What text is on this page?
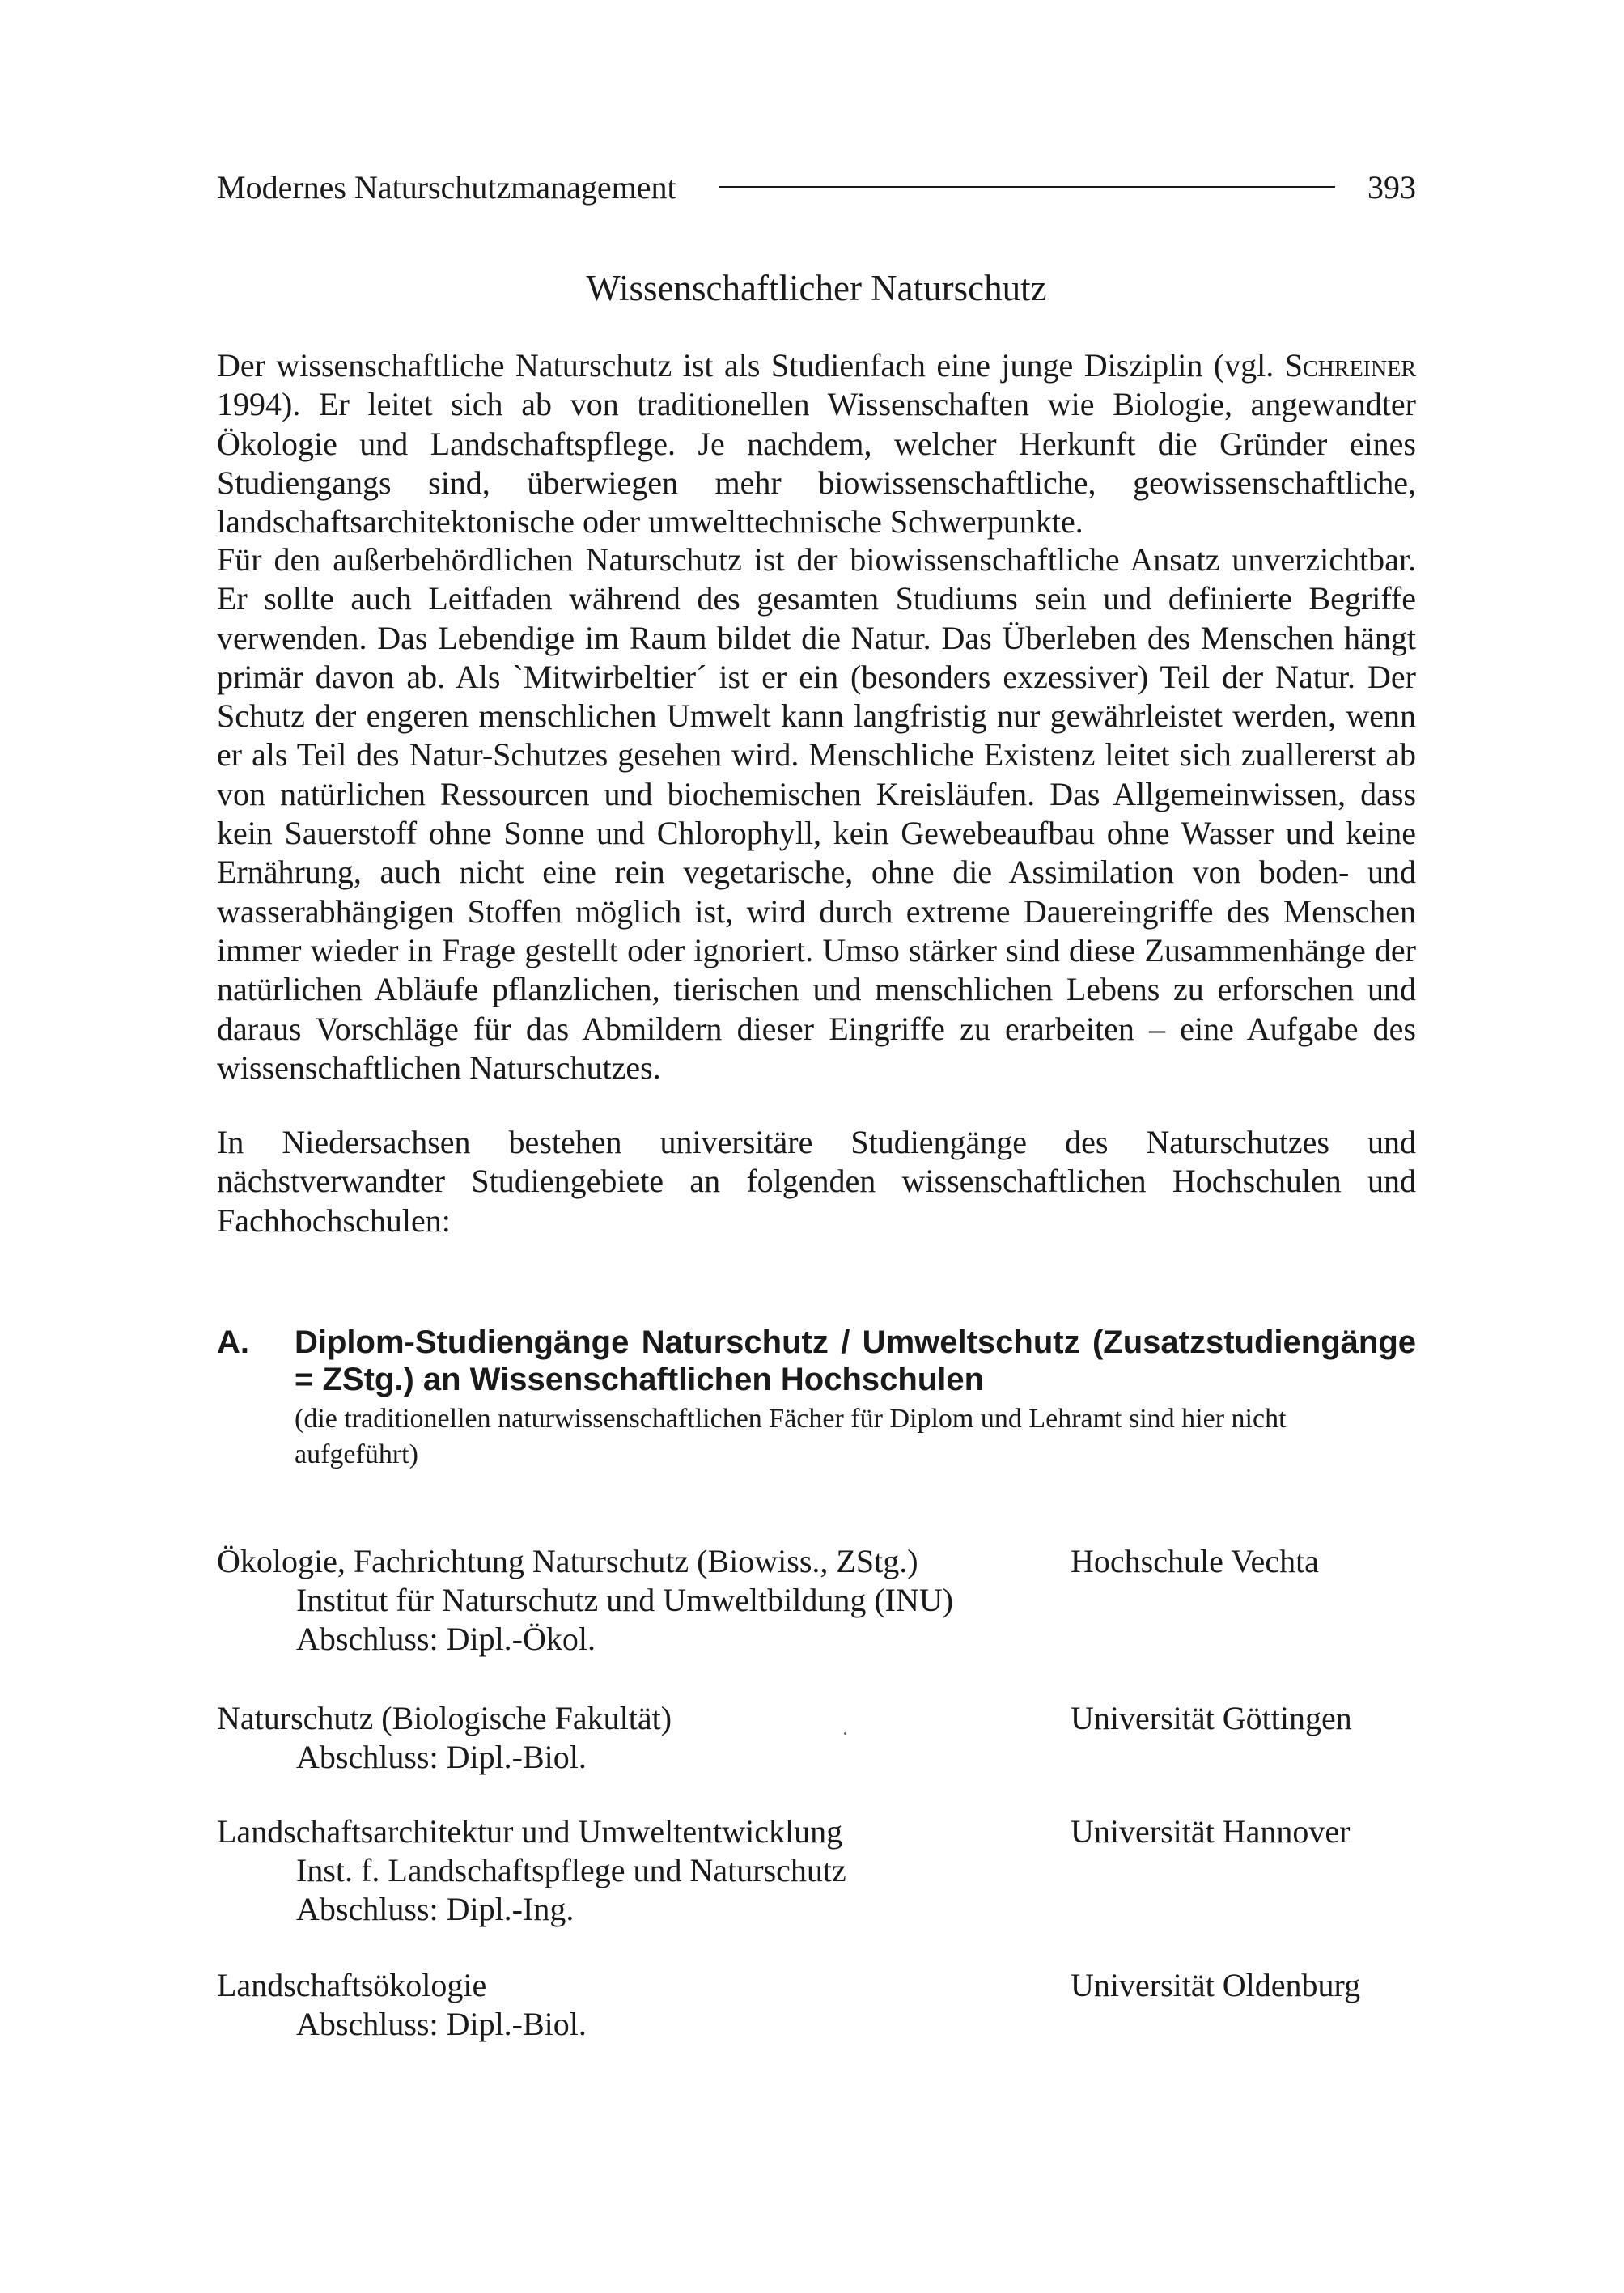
Modernes Naturschutzmanagement	393
Wissenschaftlicher Naturschutz

Der wissenschaftliche Naturschutz ist als Studienfach eine junge Disziplin (vgl. Schreiner 1994). Er leitet sich ab von traditionellen Wissenschaften wie Biologie, angewandter Ökologie und Landschaftspflege. Je nachdem, welcher Herkunft die Gründer eines Studiengangs sind, überwiegen mehr biowissenschaftliche, geowissenschaftliche, landschaftsarchitektonische oder umwelttechnische Schwerpunkte.

Für den außerbehördlichen Naturschutz ist der biowissenschaftliche Ansatz unverzichtbar. Er sollte auch Leitfaden während des gesamten Studiums sein und definierte Begriffe verwenden. Das Lebendige im Raum bildet die Natur. Das Überleben des Menschen hängt primär davon ab. Als `Mitwirbeltier´ ist er ein (besonders exzessiver) Teil der Natur. Der Schutz der engeren menschlichen Umwelt kann langfristig nur gewährleistet werden, wenn er als Teil des Natur-Schutzes gesehen wird. Menschliche Existenz leitet sich zuallererst ab von natürlichen Ressourcen und biochemischen Kreisläufen. Das Allgemeinwissen, dass kein Sauerstoff ohne Sonne und Chlorophyll, kein Gewebeaufbau ohne Wasser und keine Ernährung, auch nicht eine rein vegetarische, ohne die Assimilation von boden- und wasserabhängigen Stoffen möglich ist, wird durch extreme Dauereingriffe des Menschen immer wieder in Frage gestellt oder ignoriert. Umso stärker sind diese Zusammenhänge der natürlichen Abläufe pflanzlichen, tierischen und menschlichen Lebens zu erforschen und daraus Vorschläge für das Abmildern dieser Eingriffe zu erarbeiten – eine Aufgabe des wissenschaftlichen Naturschutzes.

In Niedersachsen bestehen universitäre Studiengänge des Naturschutzes und nächstverwandter Studiengebiete an folgenden wissenschaftlichen Hochschulen und Fachhochschulen:

A.	Diplom-Studiengänge Naturschutz / Umweltschutz (Zusatzstudiengänge = ZStg.) an Wissenschaftlichen Hochschulen

(die traditionellen naturwissenschaftlichen Fächer für Diplom und Lehramt sind hier nicht aufgeführt)

Ökologie, Fachrichtung Naturschutz (Biowiss., ZStg.)
Institut für Naturschutz und Umweltbildung (INU)
Abschluss: Dipl.-Ökol.
Hochschule Vechta
Naturschutz (Biologische Fakultät)
Abschluss: Dipl.-Biol.
Universität Göttingen
Landschaftsarchitektur und Umweltentwicklung
Inst. f. Landschaftspflege und Naturschutz
Abschluss: Dipl.-Ing.
Universität Hannover
Landschaftsökologie
Abschluss: Dipl.-Biol.
Universität Oldenburg
